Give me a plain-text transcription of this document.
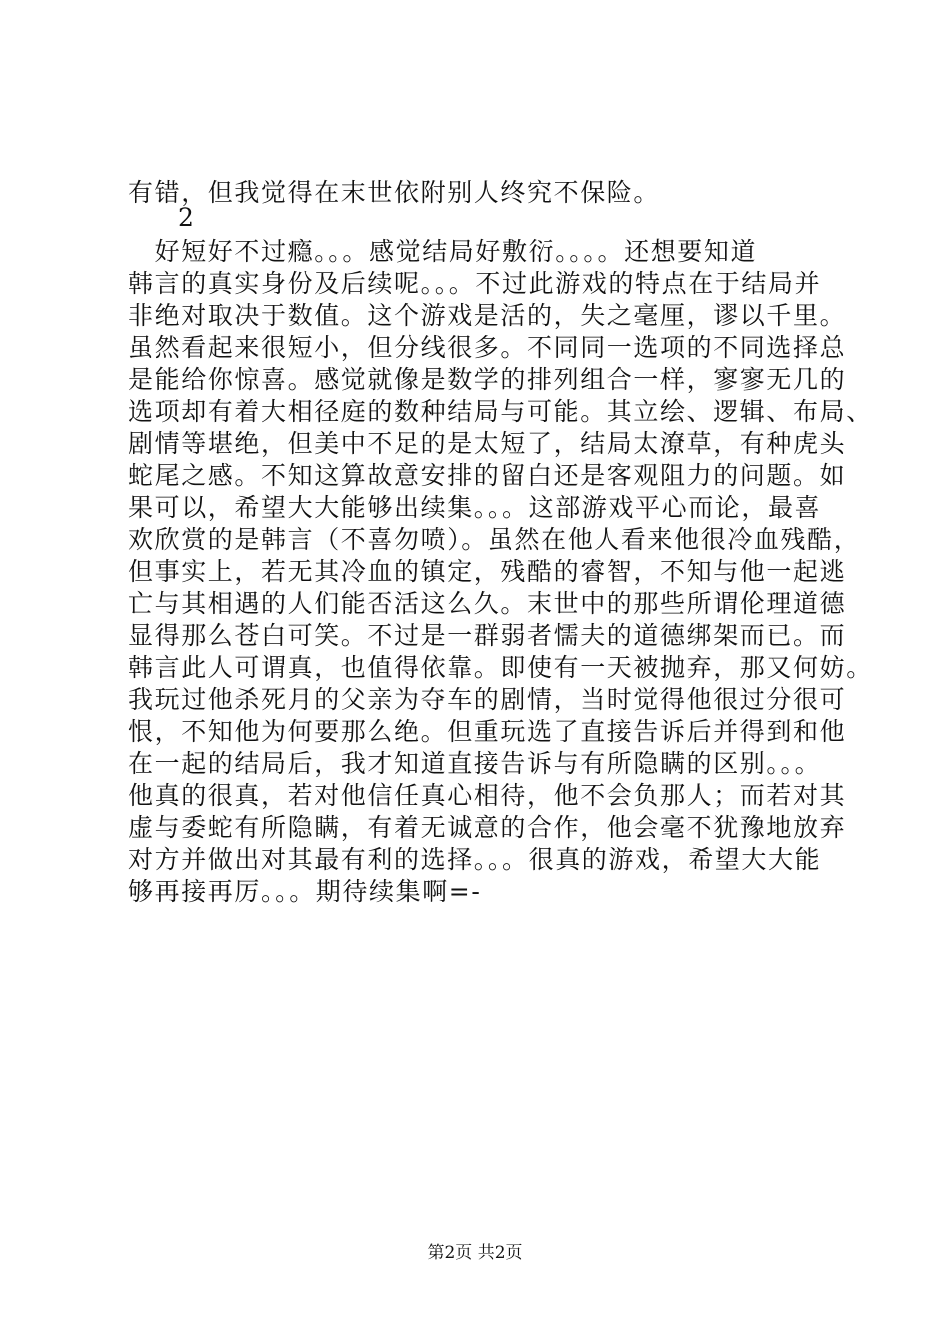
有错，但我觉得在末世依附别人终究不保险。
2
　好短好不过瘾。。。感觉结局好敷衍。。。。还想要知道
韩言的真实身份及后续呢。。。不过此游戏的特点在于结局并
非绝对取决于数值。这个游戏是活的，失之毫厘，谬以千里。
虽然看起来很短小，但分线很多。不同同一选项的不同选择总
是能给你惊喜。感觉就像是数学的排列组合一样，寥寥无几的
选项却有着大相径庭的数种结局与可能。其立绘、逻辑、布局、
剧情等堪绝，但美中不足的是太短了，结局太潦草，有种虎头
蛇尾之感。不知这算故意安排的留白还是客观阻力的问题。如
果可以，希望大大能够出续集。。。这部游戏平心而论，最喜
欢欣赏的是韩言（不喜勿喷）。虽然在他人看来他很冷血残酷，
但事实上，若无其冷血的镇定，残酷的睿智，不知与他一起逃
亡与其相遇的人们能否活这么久。末世中的那些所谓伦理道德
显得那么苍白可笑。不过是一群弱者懦夫的道德绑架而已。而
韩言此人可谓真，也值得依靠。即使有一天被抛弃，那又何妨。
我玩过他杀死月的父亲为夺车的剧情，当时觉得他很过分很可
恨，不知他为何要那么绝。但重玩选了直接告诉后并得到和他
在一起的结局后，我才知道直接告诉与有所隐瞒的区别。。。
他真的很真，若对他信任真心相待，他不会负那人；而若对其
虚与委蛇有所隐瞒，有着无诚意的合作，他会毫不犹豫地放弃
对方并做出对其最有利的选择。。。很真的游戏，希望大大能
够再接再厉。。。期待续集啊=-
第2页 共2页
